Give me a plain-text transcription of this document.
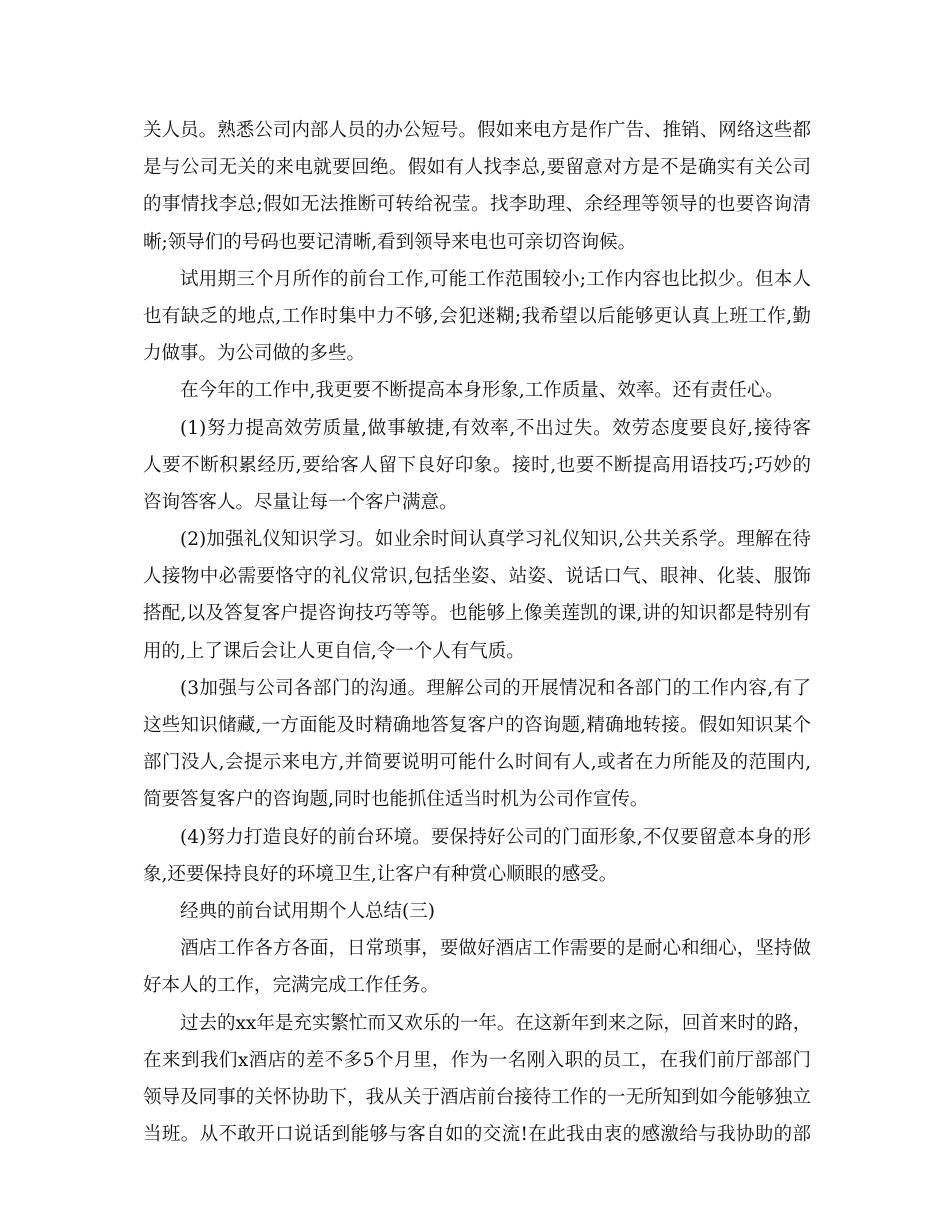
关人员。熟悉公司内部人员的办公短号。假如来电方是作广告、推销、网络这些都
是与公司无关的来电就要回绝。假如有人找李总,要留意对方是不是确实有关公司
的事情找李总;假如无法推断可转给祝莹。找李助理、余经理等领导的也要咨询清
晰;领导们的号码也要记清晰,看到领导来电也可亲切咨询候。
试用期三个月所作的前台工作,可能工作范围较小;工作内容也比拟少。但本人
也有缺乏的地点,工作时集中力不够,会犯迷糊;我希望以后能够更认真上班工作,勤
力做事。为公司做的多些。
在今年的工作中,我更要不断提高本身形象,工作质量、效率。还有责任心。
(1)努力提高效劳质量,做事敏捷,有效率,不出过失。效劳态度要良好,接待客
人要不断积累经历,要给客人留下良好印象。接时,也要不断提高用语技巧;巧妙的
咨询答客人。尽量让每一个客户满意。
(2)加强礼仪知识学习。如业余时间认真学习礼仪知识,公共关系学。理解在待
人接物中必需要恪守的礼仪常识,包括坐姿、站姿、说话口气、眼神、化装、服饰
搭配,以及答复客户提咨询技巧等等。也能够上像美莲凯的课,讲的知识都是特别有
用的,上了课后会让人更自信,令一个人有气质。
(3加强与公司各部门的沟通。理解公司的开展情况和各部门的工作内容,有了
这些知识储藏,一方面能及时精确地答复客户的咨询题,精确地转接。假如知识某个
部门没人,会提示来电方,并简要说明可能什么时间有人,或者在力所能及的范围内,
简要答复客户的咨询题,同时也能抓住适当时机为公司作宣传。
(4)努力打造良好的前台环境。要保持好公司的门面形象,不仅要留意本身的形
象,还要保持良好的环境卫生,让客户有种赏心顺眼的感受。
经典的前台试用期个人总结(三)
酒店工作各方各面，日常琐事，要做好酒店工作需要的是耐心和细心，坚持做
好本人的工作，完满完成工作任务。
过去的xx年是充实繁忙而又欢乐的一年。在这新年到来之际，回首来时的路，
在来到我们x酒店的差不多5个月里，作为一名刚入职的员工，在我们前厅部部门
领导及同事的关怀协助下，我从关于酒店前台接待工作的一无所知到如今能够独立
当班。从不敢开口说话到能够与客自如的交流!在此我由衷的感激给与我协助的部
